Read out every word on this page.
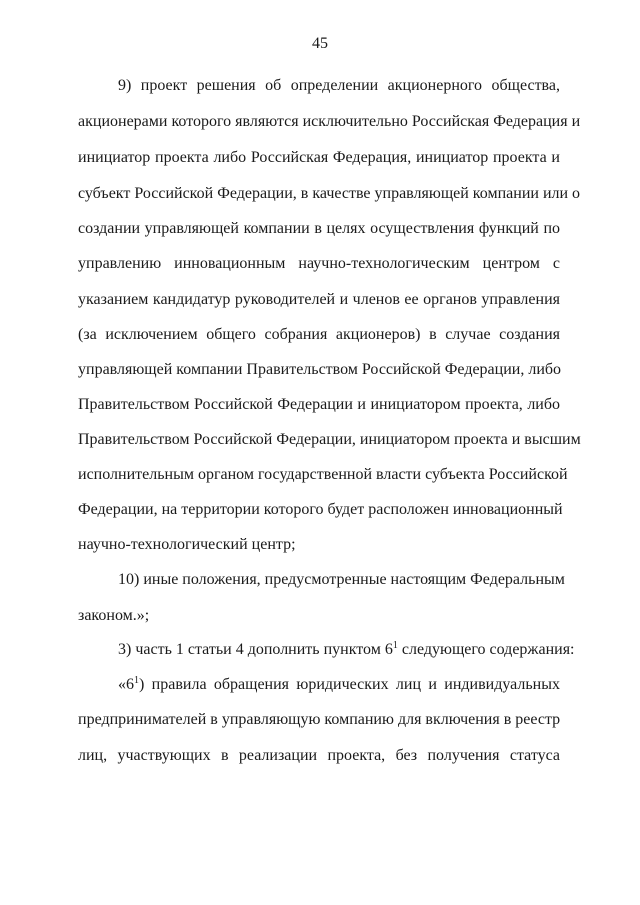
45
9) проект решения об определении акционерного общества,
акционерами которого являются исключительно Российская Федерация и
инициатор проекта либо Российская Федерация, инициатор проекта и
субъект Российской Федерации, в качестве управляющей компании или о
создании управляющей компании в целях осуществления функций по
управлению инновационным научно-технологическим центром с
указанием кандидатур руководителей и членов ее органов управления
(за исключением общего собрания акционеров) в случае создания
управляющей компании Правительством Российской Федерации, либо
Правительством Российской Федерации и инициатором проекта, либо
Правительством Российской Федерации, инициатором проекта и высшим
исполнительным органом государственной власти субъекта Российской
Федерации, на территории которого будет расположен инновационный
научно-технологический центр;
10) иные положения, предусмотренные настоящим Федеральным
законом.»;
3) часть 1 статьи 4 дополнить пунктом $6^1$ следующего содержания:
«$6^1$) правила обращения юридических лиц и индивидуальных
предпринимателей в управляющую компанию для включения в реестр
лиц, участвующих в реализации проекта, без получения статуса
